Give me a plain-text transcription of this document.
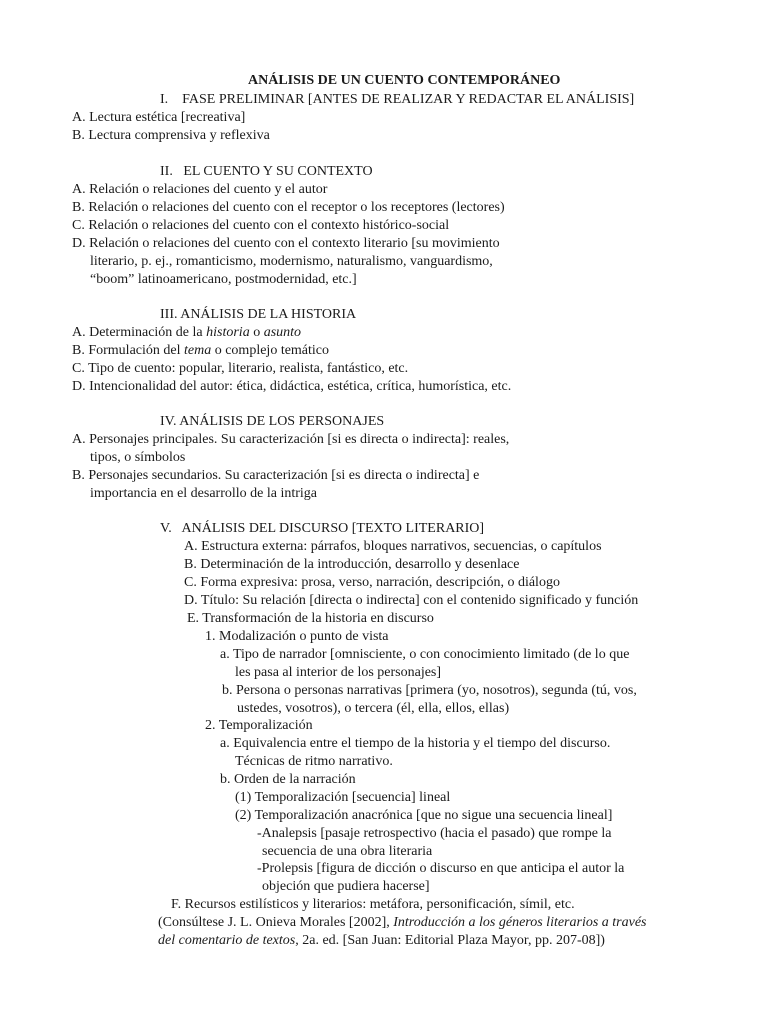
ANÁLISIS DE UN CUENTO CONTEMPORÁNEO
I.    FASE PRELIMINAR [ANTES DE REALIZAR Y REDACTAR EL ANÁLISIS]
A. Lectura estética [recreativa]
B. Lectura comprensiva y reflexiva
II.   EL CUENTO Y SU CONTEXTO
A. Relación o relaciones del cuento y el autor
B. Relación o relaciones del cuento con el receptor o los receptores (lectores)
C. Relación o relaciones del cuento con el contexto histórico-social
D. Relación o relaciones del cuento con el contexto literario [su movimiento
literario, p. ej., romanticismo, modernismo, naturalismo, vanguardismo,
“boom” latinoamericano, postmodernidad, etc.]
III. ANÁLISIS DE LA HISTORIA
A. Determinación de la historia o asunto
B. Formulación del tema o complejo temático
C. Tipo de cuento: popular, literario, realista, fantástico, etc.
D. Intencionalidad del autor: ética, didáctica, estética, crítica, humorística, etc.
IV. ANÁLISIS DE LOS PERSONAJES
A. Personajes principales. Su caracterización [si es directa o indirecta]: reales,
tipos, o símbolos
B. Personajes secundarios. Su caracterización [si es directa o indirecta] e
importancia en el desarrollo de la intriga
V.   ANÁLISIS DEL DISCURSO [TEXTO LITERARIO]
A. Estructura externa: párrafos, bloques narrativos, secuencias, o capítulos
B. Determinación de la introducción, desarrollo y desenlace
C. Forma expresiva: prosa, verso, narración, descripción, o diálogo
D. Título: Su relación [directa o indirecta] con el contenido significado y función
E. Transformación de la historia en discurso
1. Modalización o punto de vista
a. Tipo de narrador [omnisciente, o con conocimiento limitado (de lo que
les pasa al interior de los personajes]
b. Persona o personas narrativas [primera (yo, nosotros), segunda (tú, vos,
ustedes, vosotros), o tercera (él, ella, ellos, ellas)
2. Temporalización
a. Equivalencia entre el tiempo de la historia y el tiempo del discurso.
Técnicas de ritmo narrativo.
b. Orden de la narración
(1) Temporalización [secuencia] lineal
(2) Temporalización anacrónica [que no sigue una secuencia lineal]
-Analepsis [pasaje retrospectivo (hacia el pasado) que rompe la
secuencia de una obra literaria
-Prolepsis [figura de dicción o discurso en que anticipa el autor la
objeción que pudiera hacerse]
F. Recursos estilísticos y literarios: metáfora, personificación, símil, etc.
(Consúltese J. L. Onieva Morales [2002], Introducción a los géneros literarios a través
del comentario de textos, 2a. ed. [San Juan: Editorial Plaza Mayor, pp. 207-08])
